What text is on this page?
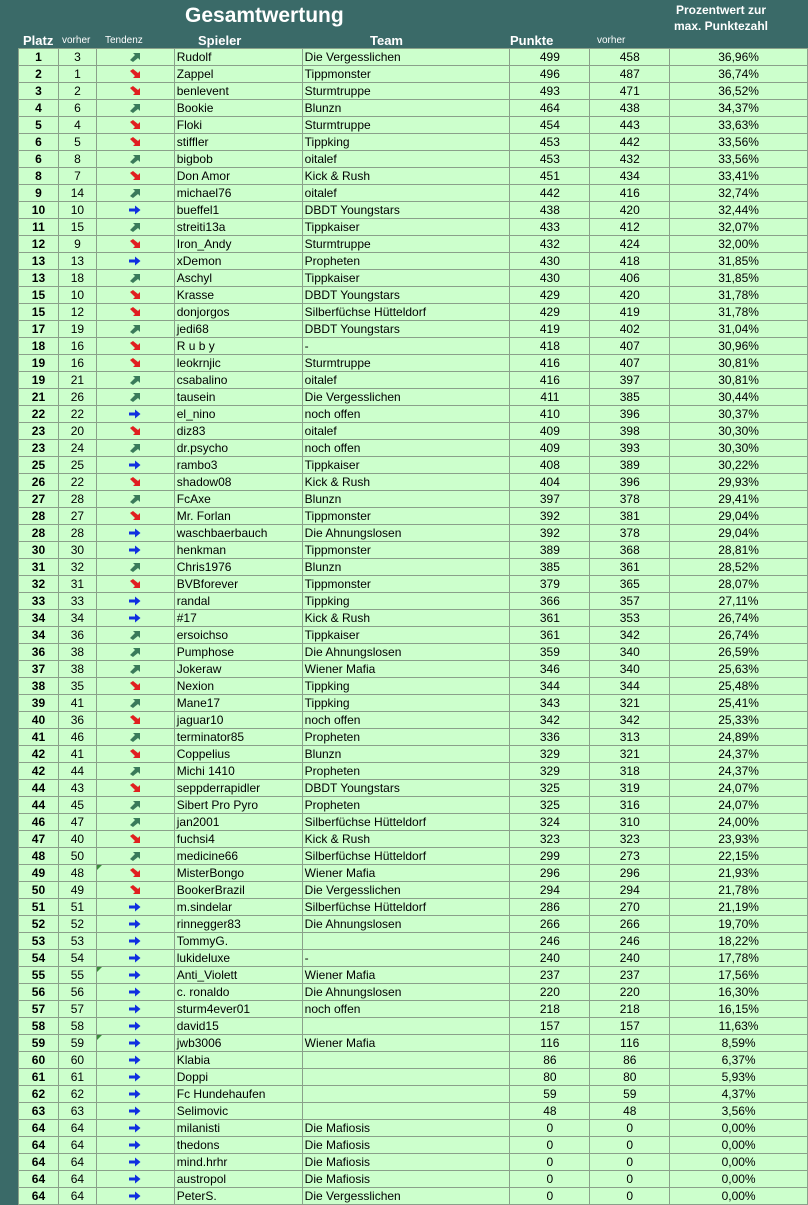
Gesamtwertung	Prozentwert zur
max. Punktezahl
Platz vorher Tendenz	Spieler	Team	Punkte	vorher
1	3		Rudolf	Die Vergesslichen	499	458	36,96%
2	1		Zappel	Tippmonster	496	487	36,74%
3	2		benlevent	Sturmtruppe	493	471	36,52%
4	6		Bookie	Blunzn	464	438	34,37%
5	4		Floki	Sturmtruppe	454	443	33,63%
6	5		stiffler	Tippking	453	442	33,56%
6	8		bigbob	oitalef	453	432	33,56%
8	7		Don Amor	Kick & Rush	451	434	33,41%
9	14		michael76	oitalef	442	416	32,74%
10	10		bueffel1	DBDT Youngstars	438	420	32,44%
11	15		streiti13a	Tippkaiser	433	412	32,07%
12	9		Iron_Andy	Sturmtruppe	432	424	32,00%
13	13		xDemon	Propheten	430	418	31,85%
13	18		Aschyl	Tippkaiser	430	406	31,85%
15	10		Krasse	DBDT Youngstars	429	420	31,78%
15	12		donjorgos	Silberfüchse Hütteldorf	429	419	31,78%
17	19		jedi68	DBDT Youngstars	419	402	31,04%
18	16		R u b y	-	418	407	30,96%
19	16		leokrnjic	Sturmtruppe	416	407	30,81%
19	21		csabalino	oitalef	416	397	30,81%
21	26		tausein	Die Vergesslichen	411	385	30,44%
22	22		el_nino	noch offen	410	396	30,37%
23	20		diz83	oitalef	409	398	30,30%
23	24		dr.psycho	noch offen	409	393	30,30%
25	25		rambo3	Tippkaiser	408	389	30,22%
26	22		shadow08	Kick & Rush	404	396	29,93%
27	28		FcAxe	Blunzn	397	378	29,41%
28	27		Mr. Forlan	Tippmonster	392	381	29,04%
28	28		waschbaerbauch	Die Ahnungslosen	392	378	29,04%
30	30		henkman	Tippmonster	389	368	28,81%
31	32		Chris1976	Blunzn	385	361	28,52%
32	31		BVBforever	Tippmonster	379	365	28,07%
33	33		randal	Tippking	366	357	27,11%
34	34		#17	Kick & Rush	361	353	26,74%
34	36		ersoichso	Tippkaiser	361	342	26,74%
36	38		Pumphose	Die Ahnungslosen	359	340	26,59%
37	38		Jokeraw	Wiener Mafia	346	340	25,63%
38	35		Nexion	Tippking	344	344	25,48%
39	41		Mane17	Tippking	343	321	25,41%
40	36		jaguar10	noch offen	342	342	25,33%
41	46		terminator85	Propheten	336	313	24,89%
42	41		Coppelius	Blunzn	329	321	24,37%
42	44		Michi 1410	Propheten	329	318	24,37%
44	43		seppderrapidler	DBDT Youngstars	325	319	24,07%
44	45		Sibert Pro Pyro	Propheten	325	316	24,07%
46	47		jan2001	Silberfüchse Hütteldorf	324	310	24,00%
47	40		fuchsi4	Kick & Rush	323	323	23,93%
48	50		medicine66	Silberfüchse Hütteldorf	299	273	22,15%
49	48		MisterBongo	Wiener Mafia	296	296	21,93%
50	49		BookerBrazil	Die Vergesslichen	294	294	21,78%
51	51		m.sindelar	Silberfüchse Hütteldorf	286	270	21,19%
52	52		rinnegger83	Die Ahnungslosen	266	266	19,70%
53	53		TommyG.		246	246	18,22%
54	54		lukideluxe	-	240	240	17,78%
55	55		Anti_Violett	Wiener Mafia	237	237	17,56%
56	56		c. ronaldo	Die Ahnungslosen	220	220	16,30%
57	57		sturm4ever01	noch offen	218	218	16,15%
58	58		david15		157	157	11,63%
59	59		jwb3006	Wiener Mafia	116	116	8,59%
60	60		Klabia		86	86	6,37%
61	61		Doppi		80	80	5,93%
62	62		Fc Hundehaufen		59	59	4,37%
63	63		Selimovic		48	48	3,56%
64	64		milanisti	Die Mafiosis	0	0	0,00%
64	64		thedons	Die Mafiosis	0	0	0,00%
64	64		mind.hrhr	Die Mafiosis	0	0	0,00%
64	64		austropol	Die Mafiosis	0	0	0,00%
64	64		PeterS.	Die Vergesslichen	0	0	0,00%
